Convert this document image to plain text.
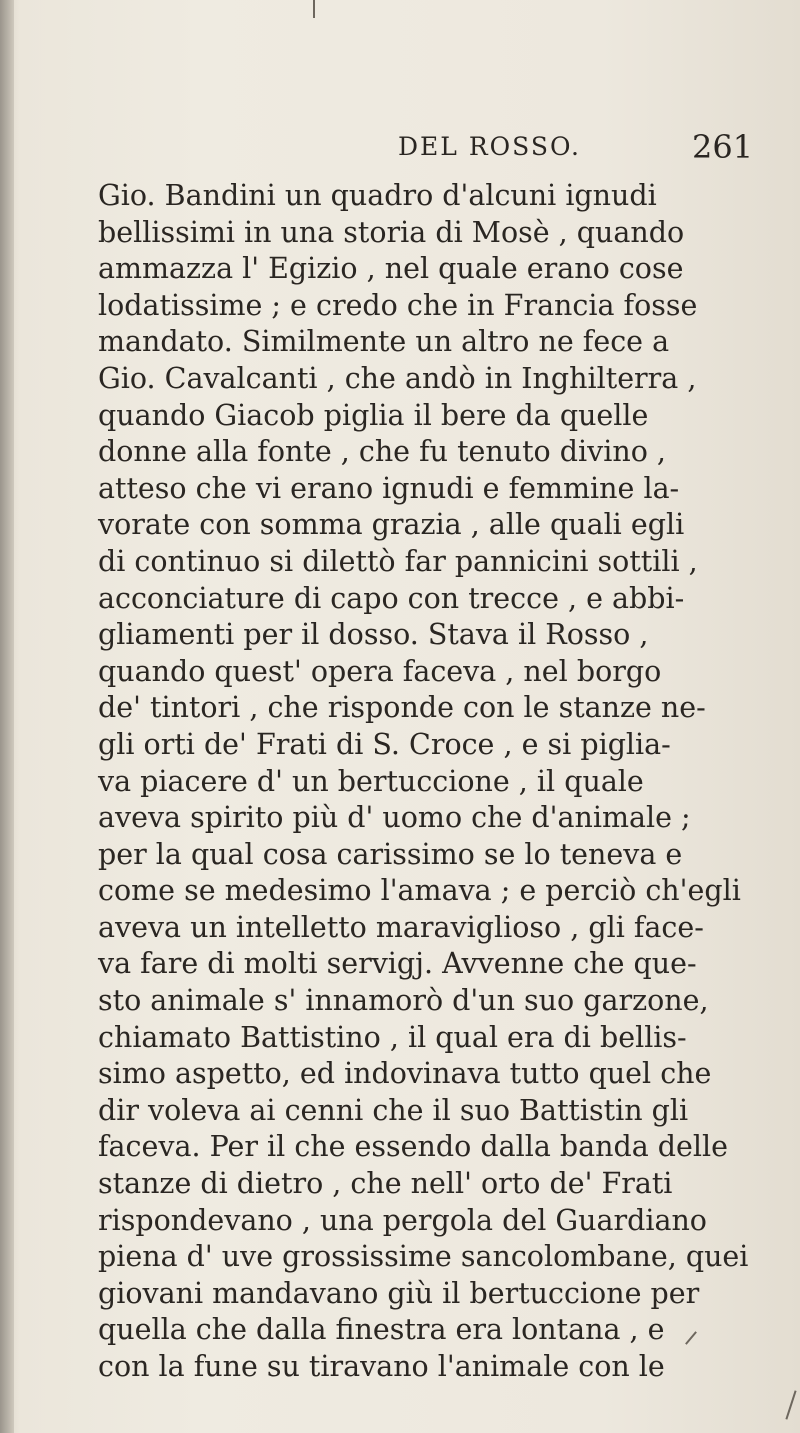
DEL ROSSO.	261
Gio. Bandini un quadro d'alcuni ignudi
bellissimi in una storia di Mosè , quando
ammazza l' Egizio , nel quale erano cose
lodatissime ; e credo che in Francia fosse
mandato. Similmente un altro ne fece a
Gio. Cavalcanti , che andò in Inghilterra ,
quando Giacob piglia il bere da quelle
donne alla fonte , che fu tenuto divino ,
atteso che vi erano ignudi e femmine la-
vorate con somma grazia , alle quali egli
di continuo si dilettò far pannicini sottili ,
acconciature di capo con trecce , e abbi-
gliamenti per il dosso. Stava il Rosso ,
quando quest' opera faceva , nel borgo
de' tintori , che risponde con le stanze ne-
gli orti de' Frati di S. Croce , e si piglia-
va piacere d' un bertuccione , il quale
aveva spirito più d' uomo che d'animale ;
per la qual cosa carissimo se lo teneva e
come se medesimo l'amava ; e perciò ch'egli
aveva un intelletto maraviglioso , gli face-
va fare di molti servigj. Avvenne che que-
sto animale s' innamorò d'un suo garzone,
chiamato Battistino , il qual era di bellis-
simo aspetto, ed indovinava tutto quel che
dir voleva ai cenni che il suo Battistin gli
faceva. Per il che essendo dalla banda delle
stanze di dietro , che nell' orto de' Frati
rispondevano , una pergola del Guardiano
piena d' uve grossissime sancolombane, quei
giovani mandavano giù il bertuccione per
quella che dalla finestra era lontana , e
con la fune su tiravano l'animale con le
